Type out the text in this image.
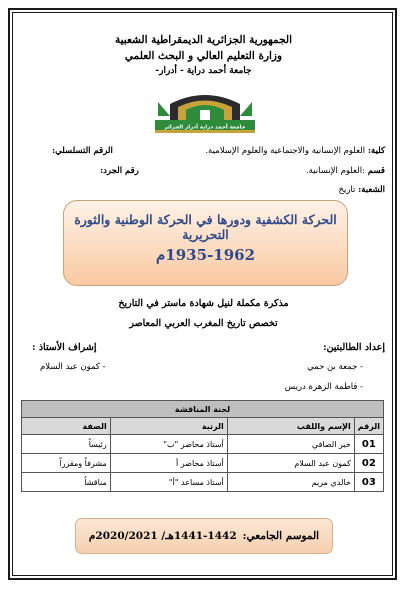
الجمهورية الجزائرية الديمقراطية الشعبية
وزارة التعليم العالي و البحث العلمي
جامعة أحمد دراية - أدرار-
جامعة أحمد دراية أدرار الجزائر
كلية: العلوم الإنسانية والاجتماعية والعلوم الإسلامية.
الرقم التسلسلي:
قسم :العلوم الإنسانية.
رقم الجرد:
الشعبة: تاريخ
الحركة الكشفية ودورها في الحركة الوطنية والثورة التحريرية
1935-1962م
مذكرة مكملة لنيل شهادة ماستر في التاريخ
تخصص تاريخ المغرب العربي المعاصر
إعداد الطالبتين:
إشراف الأستاذ :
- جمعة بن حمي
- كمون عبد السلام
- فاطمة الزهرة دريس
لجنة المناقشة			
الرقم	الإسم واللقب	الرتبة	الصفة
01	خير الصافي	أستاذ محاضر "ب"	رئيساً
02	كمون عبد السلام	أستاذ محاضر أ	مشرفاً ومقرراً
03	خالدي مريم	أستاذ مساعد "أ"	مناقشاً
الموسم الجامعي:
1441-1442هـ/ 2020/2021م
